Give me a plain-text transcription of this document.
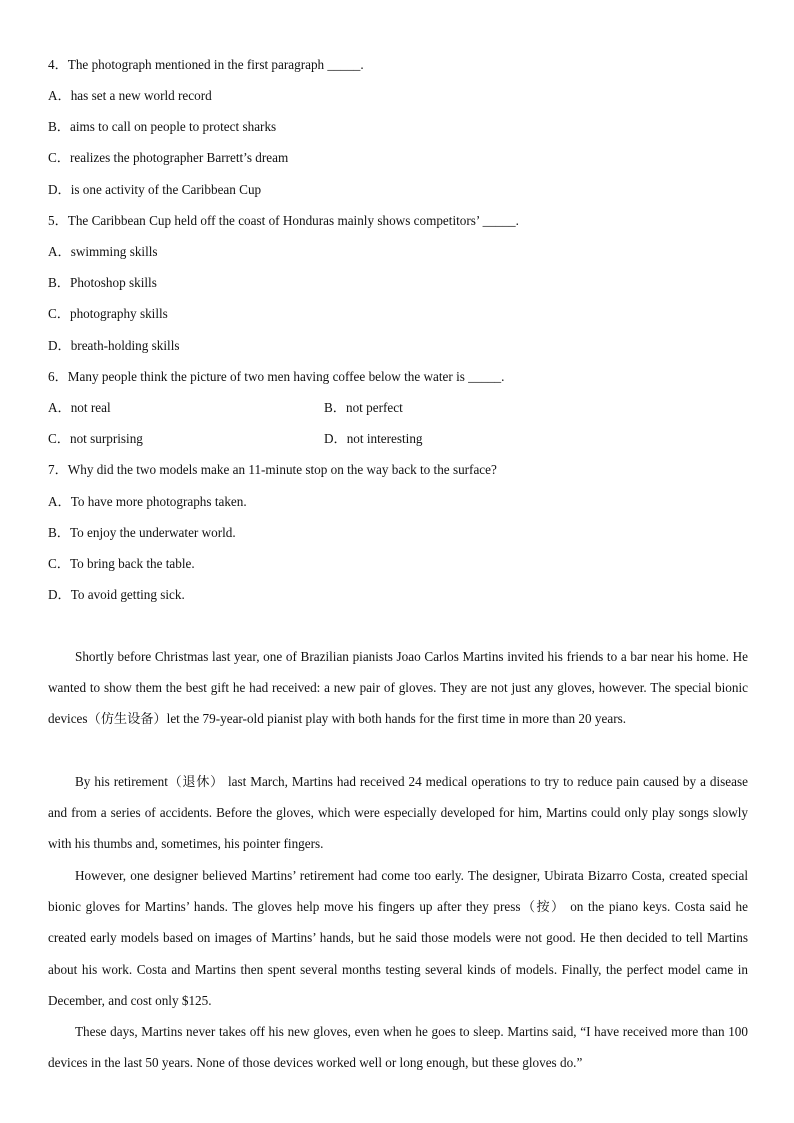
4．The photograph mentioned in the first paragraph _____.
A．has set a new world record
B．aims to call on people to protect sharks
C．realizes the photographer Barrett’s dream
D．is one activity of the Caribbean Cup
5．The Caribbean Cup held off the coast of Honduras mainly shows competitors’ _____.
A．swimming skills
B．Photoshop skills
C．photography skills
D．breath-holding skills
6．Many people think the picture of two men having coffee below the water is _____.
A．not real	B．not perfect
C．not surprising	D．not interesting
7．Why did the two models make an 11-minute stop on the way back to the surface?
A．To have more photographs taken.
B．To enjoy the underwater world.
C．To bring back the table.
D．To avoid getting sick.

Shortly before Christmas last year, one of Brazilian pianists Joao Carlos Martins invited his friends to a bar near his home. He wanted to show them the best gift he had received: a new pair of gloves. They are not just any gloves, however. The special bionic devices（仿生设备）let the 79-year-old pianist play with both hands for the first time in more than 20 years.

By his retirement（退休） last March, Martins had received 24 medical operations to try to reduce pain caused by a disease and from a series of accidents. Before the gloves, which were especially developed for him, Martins could only play songs slowly with his thumbs and, sometimes, his pointer fingers.

However, one designer believed Martins’ retirement had come too early. The designer, Ubirata Bizarro Costa, created special bionic gloves for Martins’ hands. The gloves help move his fingers up after they press（按） on the piano keys. Costa said he created early models based on images of Martins’ hands, but he said those models were not good. He then decided to tell Martins about his work. Costa and Martins then spent several months testing several kinds of models. Finally, the perfect model came in December, and cost only $125.

These days, Martins never takes off his new gloves, even when he goes to sleep. Martins said, “I have received more than 100 devices in the last 50 years. None of those devices worked well or long enough, but these gloves do.”
